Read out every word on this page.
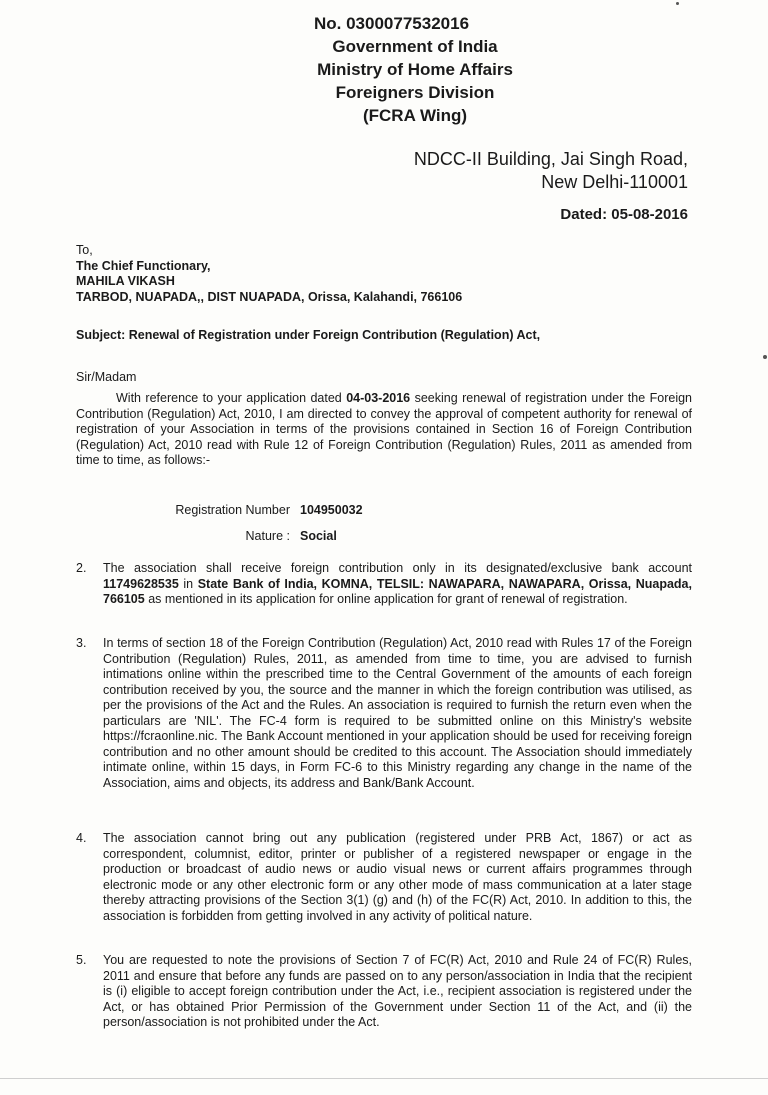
No. 0300077532016
Government of India
Ministry of Home Affairs
Foreigners Division
(FCRA Wing)
NDCC-II Building, Jai Singh Road,
New Delhi-110001
Dated: 05-08-2016
To,
The Chief Functionary,
MAHILA VIKASH
TARBOD, NUAPADA,, DIST NUAPADA, Orissa, Kalahandi, 766106
Subject: Renewal of Registration under Foreign Contribution (Regulation) Act,
Sir/Madam
With reference to your application dated 04-03-2016 seeking renewal of registration under the Foreign Contribution (Regulation) Act, 2010, I am directed to convey the approval of competent authority for renewal of registration of your Association in terms of the provisions contained in Section 16 of Foreign Contribution (Regulation) Act, 2010 read with Rule 12 of Foreign Contribution (Regulation) Rules, 2011 as amended from time to time, as follows:-
Registration Number 104950032
Nature : Social
2.	The association shall receive foreign contribution only in its designated/exclusive bank account 11749628535 in State Bank of India, KOMNA, TELSIL: NAWAPARA, NAWAPARA, Orissa, Nuapada, 766105 as mentioned in its application for online application for grant of renewal of registration.
3.	In terms of section 18 of the Foreign Contribution (Regulation) Act, 2010 read with Rules 17 of the Foreign Contribution (Regulation) Rules, 2011, as amended from time to time, you are advised to furnish intimations online within the prescribed time to the Central Government of the amounts of each foreign contribution received by you, the source and the manner in which the foreign contribution was utilised, as per the provisions of the Act and the Rules. An association is required to furnish the return even when the particulars are 'NIL'. The FC-4 form is required to be submitted online on this Ministry's website https://fcraonline.nic. The Bank Account mentioned in your application should be used for receiving foreign contribution and no other amount should be credited to this account. The Association should immediately intimate online, within 15 days, in Form FC-6 to this Ministry regarding any change in the name of the Association, aims and objects, its address and Bank/Bank Account.
4.	The association cannot bring out any publication (registered under PRB Act, 1867) or act as correspondent, columnist, editor, printer or publisher of a registered newspaper or engage in the production or broadcast of audio news or audio visual news or current affairs programmes through electronic mode or any other electronic form or any other mode of mass communication at a later stage thereby attracting provisions of the Section 3(1) (g) and (h) of the FC(R) Act, 2010. In addition to this, the association is forbidden from getting involved in any activity of political nature.
5.	You are requested to note the provisions of Section 7 of FC(R) Act, 2010 and Rule 24 of FC(R) Rules, 2011 and ensure that before any funds are passed on to any person/association in India that the recipient is (i) eligible to accept foreign contribution under the Act, i.e., recipient association is registered under the Act, or has obtained Prior Permission of the Government under Section 11 of the Act, and (ii) the person/association is not prohibited under the Act.
